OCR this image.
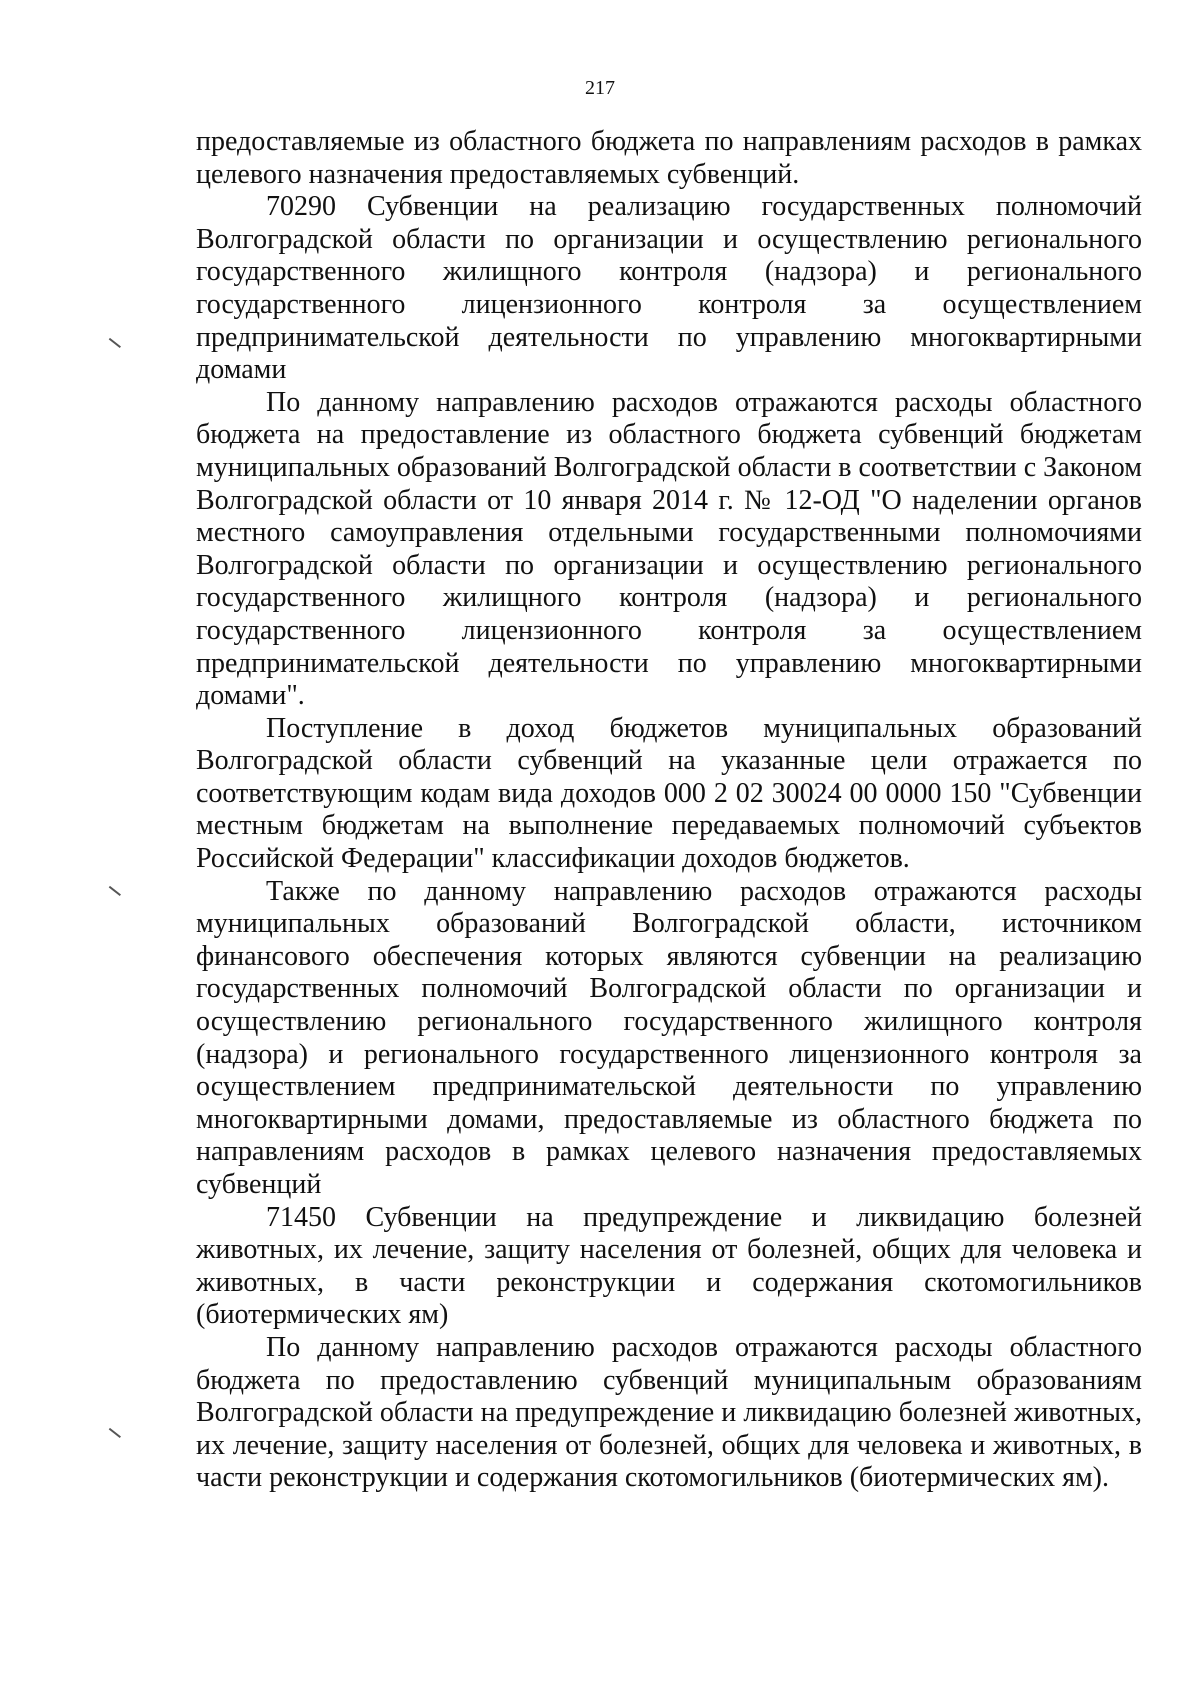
217

предоставляемые из областного бюджета по направлениям расходов в рамках целевого назначения предоставляемых субвенций.

70290 Субвенции на реализацию государственных полномочий Волгоградской области по организации и осуществлению регионального государственного жилищного контроля (надзора) и регионального государственного лицензионного контроля за осуществлением предпринимательской деятельности по управлению многоквартирными домами

По данному направлению расходов отражаются расходы областного бюджета на предоставление из областного бюджета субвенций бюджетам муниципальных образований Волгоградской области в соответствии с Законом Волгоградской области от 10 января 2014 г. № 12-ОД "О наделении органов местного самоуправления отдельными государственными полномочиями Волгоградской области по организации и осуществлению регионального государственного жилищного контроля (надзора) и регионального государственного лицензионного контроля за осуществлением предпринимательской деятельности по управлению многоквартирными домами".

Поступление в доход бюджетов муниципальных образований Волгоградской области субвенций на указанные цели отражается по соответствующим кодам вида доходов 000 2 02 30024 00 0000 150 "Субвенции местным бюджетам на выполнение передаваемых полномочий субъектов Российской Федерации" классификации доходов бюджетов.

Также по данному направлению расходов отражаются расходы муниципальных образований Волгоградской области, источником финансового обеспечения которых являются субвенции на реализацию государственных полномочий Волгоградской области по организации и осуществлению регионального государственного жилищного контроля (надзора) и регионального государственного лицензионного контроля за осуществлением предпринимательской деятельности по управлению многоквартирными домами, предоставляемые из областного бюджета по направлениям расходов в рамках целевого назначения предоставляемых субвенций

71450 Субвенции на предупреждение и ликвидацию болезней животных, их лечение, защиту населения от болезней, общих для человека и животных, в части реконструкции и содержания скотомогильников (биотермических ям)

По данному направлению расходов отражаются расходы областного бюджета по предоставлению субвенций муниципальным образованиям Волгоградской области на предупреждение и ликвидацию болезней животных, их лечение, защиту населения от болезней, общих для человека и животных, в части реконструкции и содержания скотомогильников (биотермических ям).
